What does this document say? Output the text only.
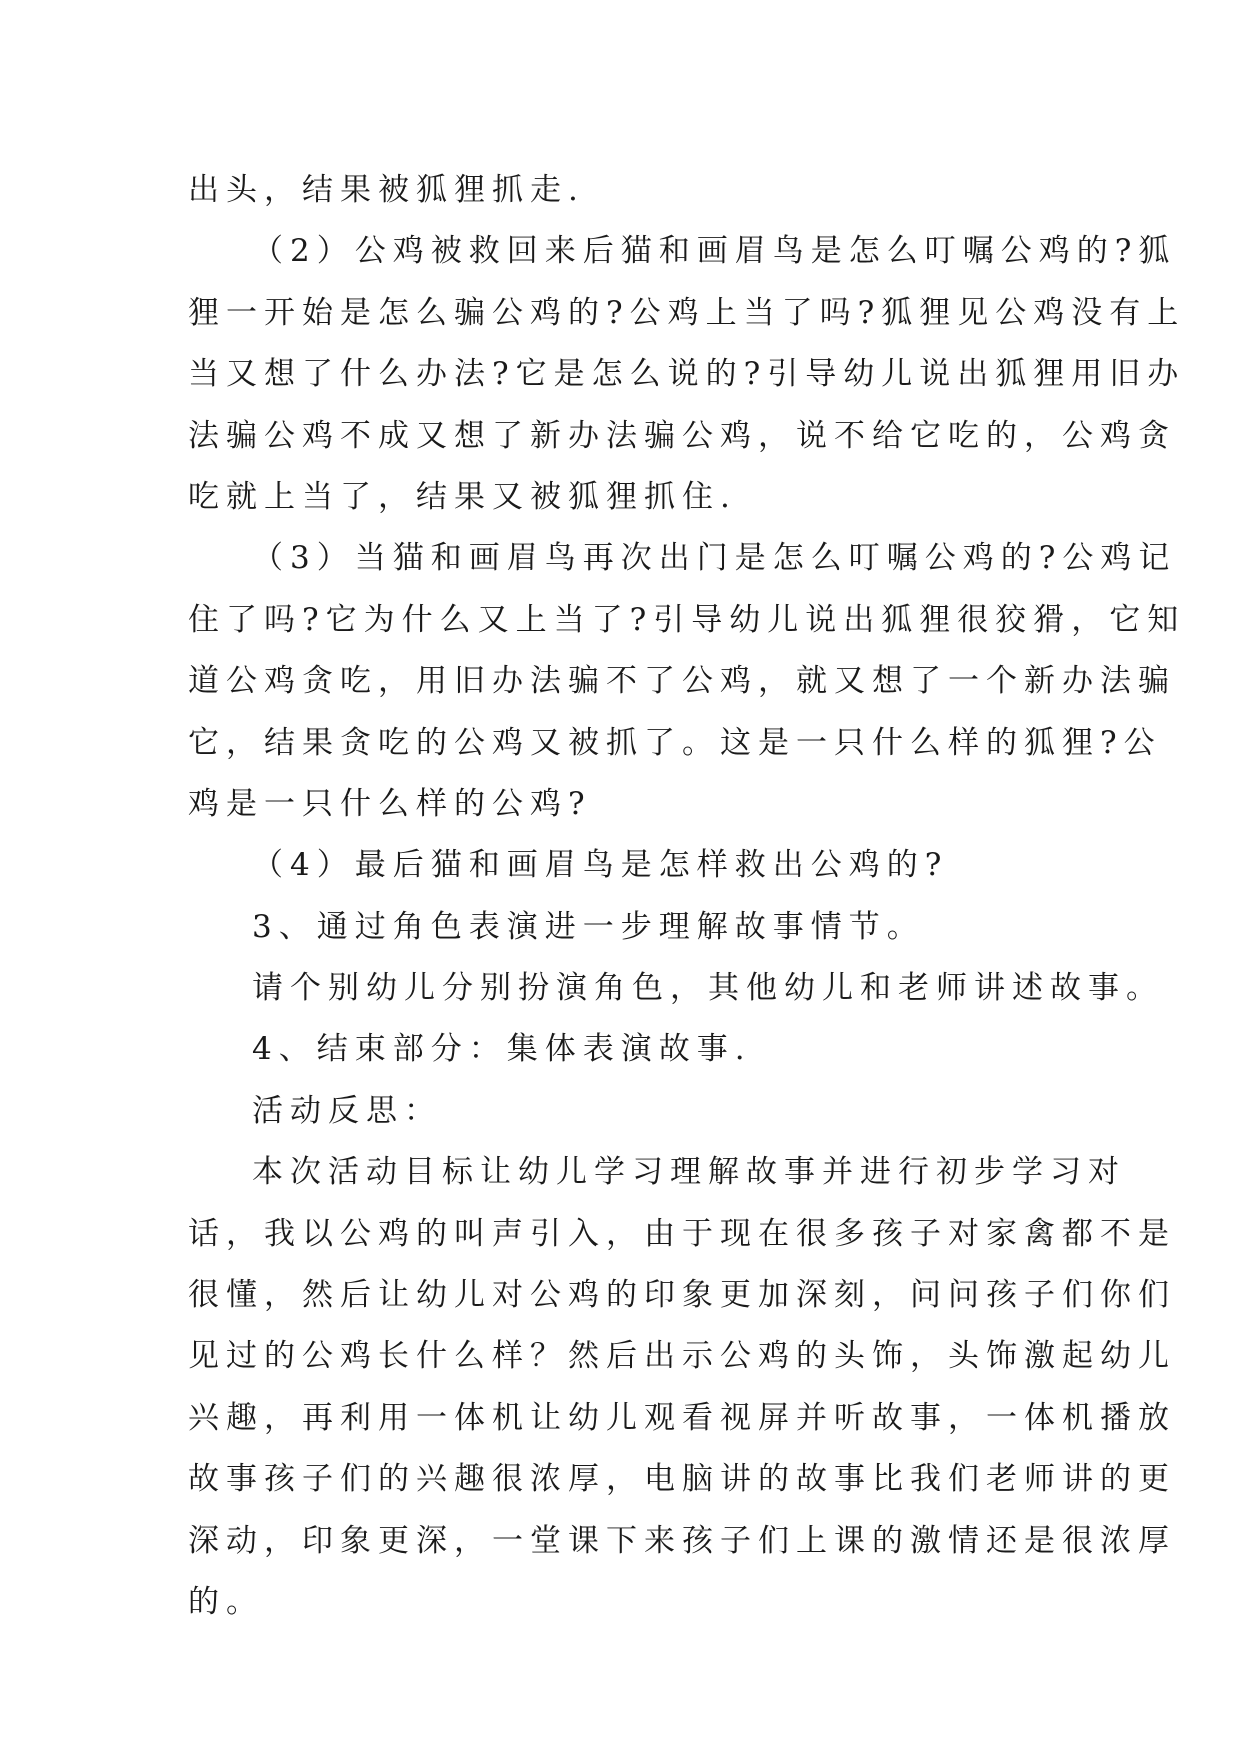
出头，结果被狐狸抓走.
（2）公鸡被救回来后猫和画眉鸟是怎么叮嘱公鸡的?狐
狸一开始是怎么骗公鸡的?公鸡上当了吗?狐狸见公鸡没有上
当又想了什么办法?它是怎么说的?引导幼儿说出狐狸用旧办
法骗公鸡不成又想了新办法骗公鸡，说不给它吃的，公鸡贪
吃就上当了，结果又被狐狸抓住.
（3）当猫和画眉鸟再次出门是怎么叮嘱公鸡的?公鸡记
住了吗?它为什么又上当了?引导幼儿说出狐狸很狡猾，它知
道公鸡贪吃，用旧办法骗不了公鸡，就又想了一个新办法骗
它，结果贪吃的公鸡又被抓了。这是一只什么样的狐狸?公
鸡是一只什么样的公鸡?
（4）最后猫和画眉鸟是怎样救出公鸡的?
3、通过角色表演进一步理解故事情节。
请个别幼儿分别扮演角色，其他幼儿和老师讲述故事。
4、结束部分：集体表演故事.
活动反思：
本次活动目标让幼儿学习理解故事并进行初步学习对
话，我以公鸡的叫声引入，由于现在很多孩子对家禽都不是
很懂，然后让幼儿对公鸡的印象更加深刻，问问孩子们你们
见过的公鸡长什么样？然后出示公鸡的头饰，头饰激起幼儿
兴趣，再利用一体机让幼儿观看视屏并听故事，一体机播放
故事孩子们的兴趣很浓厚，电脑讲的故事比我们老师讲的更
深动，印象更深，一堂课下来孩子们上课的激情还是很浓厚
的。
